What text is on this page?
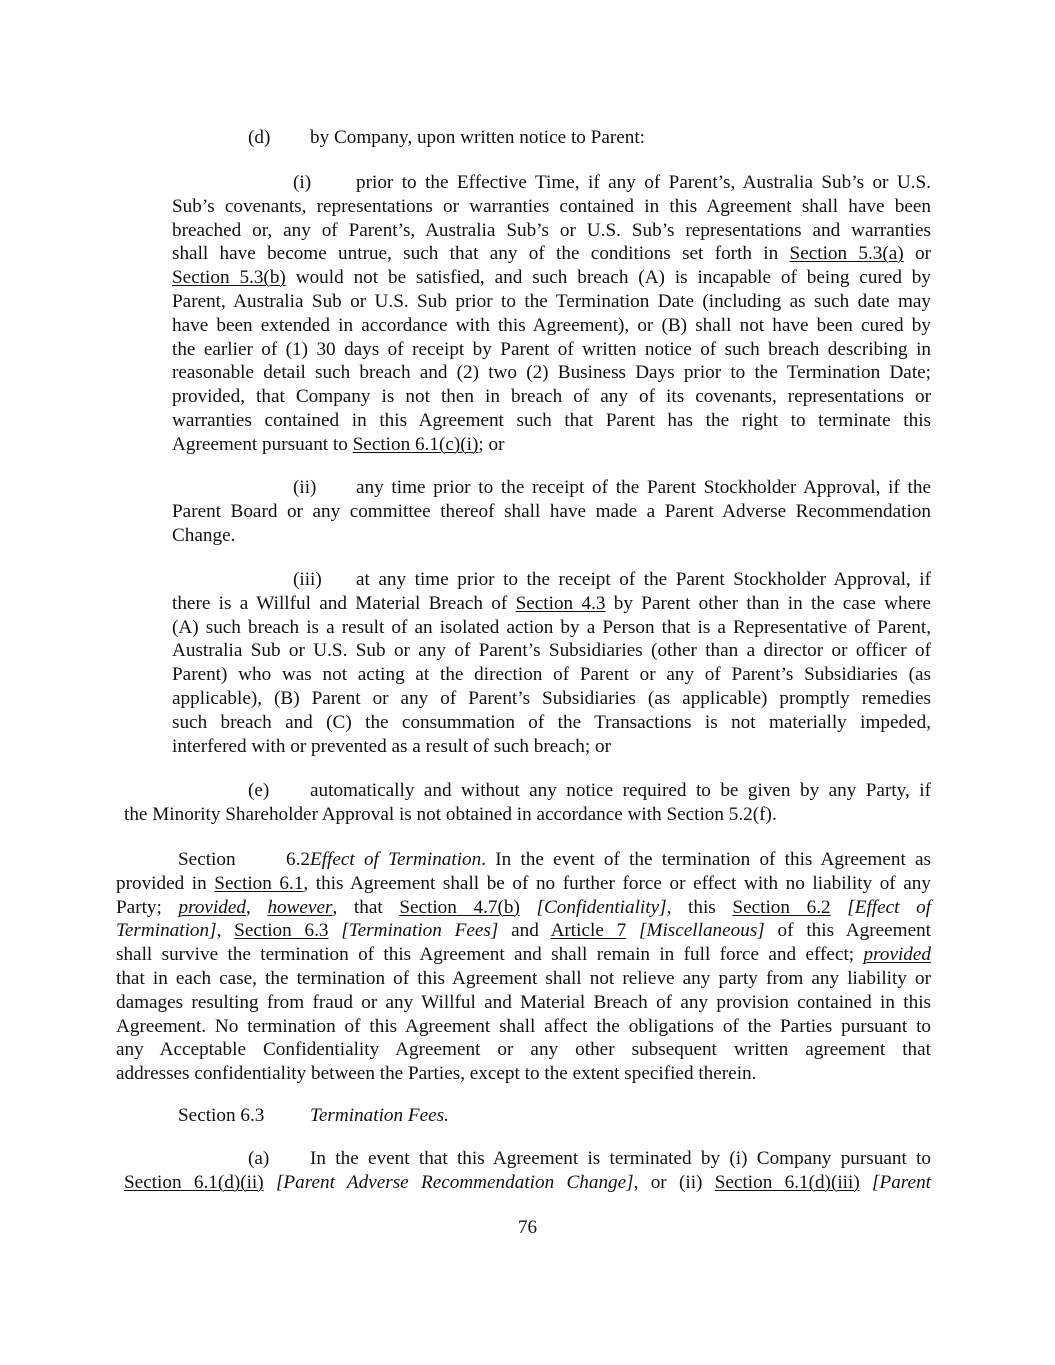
(d) by Company, upon written notice to Parent:
(i) prior to the Effective Time, if any of Parent’s, Australia Sub’s or U.S.
Sub’s covenants, representations or warranties contained in this Agreement shall have been
breached or, any of Parent’s, Australia Sub’s or U.S. Sub’s representations and warranties
shall have become untrue, such that any of the conditions set forth in Section 5.3(a) or
Section 5.3(b) would not be satisfied, and such breach (A) is incapable of being cured by
Parent, Australia Sub or U.S. Sub prior to the Termination Date (including as such date may
have been extended in accordance with this Agreement), or (B) shall not have been cured by
the earlier of (1) 30 days of receipt by Parent of written notice of such breach describing in
reasonable detail such breach and (2) two (2) Business Days prior to the Termination Date;
provided, that Company is not then in breach of any of its covenants, representations or
warranties contained in this Agreement such that Parent has the right to terminate this
Agreement pursuant to Section 6.1(c)(i); or
(ii) any time prior to the receipt of the Parent Stockholder Approval, if the
Parent Board or any committee thereof shall have made a Parent Adverse Recommendation
Change.
(iii) at any time prior to the receipt of the Parent Stockholder Approval, if
there is a Willful and Material Breach of Section 4.3 by Parent other than in the case where
(A) such breach is a result of an isolated action by a Person that is a Representative of Parent,
Australia Sub or U.S. Sub or any of Parent’s Subsidiaries (other than a director or officer of
Parent) who was not acting at the direction of Parent or any of Parent’s Subsidiaries (as
applicable), (B) Parent or any of Parent’s Subsidiaries (as applicable) promptly remedies
such breach and (C) the consummation of the Transactions is not materially impeded,
interfered with or prevented as a result of such breach; or
(e) automatically and without any notice required to be given by any Party, if
the Minority Shareholder Approval is not obtained in accordance with Section 5.2(f).
Section 6.2Effect of Termination. In the event of the termination of this Agreement as
provided in Section 6.1, this Agreement shall be of no further force or effect with no liability of any
Party; provided, however, that Section 4.7(b) [Confidentiality], this Section 6.2 [Effect of
Termination], Section 6.3 [Termination Fees] and Article 7 [Miscellaneous] of this Agreement
shall survive the termination of this Agreement and shall remain in full force and effect; provided
that in each case, the termination of this Agreement shall not relieve any party from any liability or
damages resulting from fraud or any Willful and Material Breach of any provision contained in this
Agreement. No termination of this Agreement shall affect the obligations of the Parties pursuant to
any Acceptable Confidentiality Agreement or any other subsequent written agreement that
addresses confidentiality between the Parties, except to the extent specified therein.
Section 6.3 Termination Fees.
(a) In the event that this Agreement is terminated by (i) Company pursuant to
Section 6.1(d)(ii) [Parent Adverse Recommendation Change], or (ii) Section 6.1(d)(iii) [Parent
76
